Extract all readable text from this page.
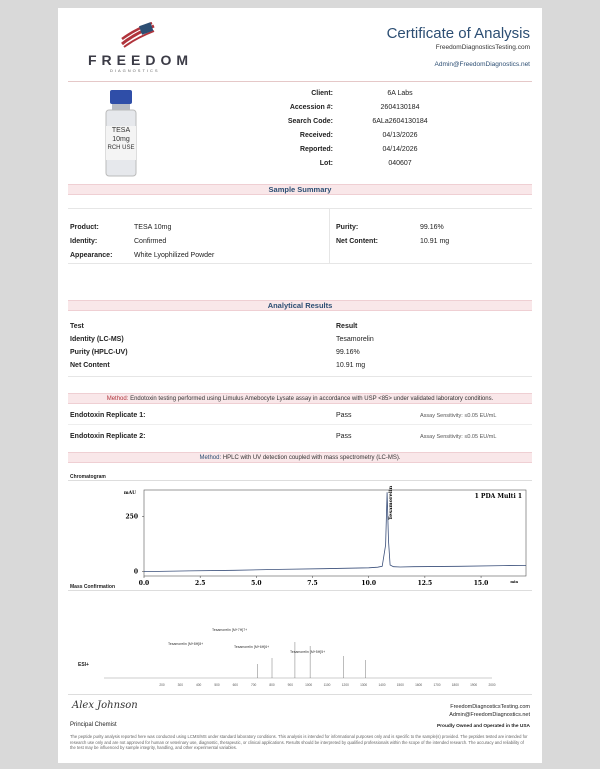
FREEDOM
DIAGNOSTICS
Certificate of Analysis
FreedomDiagnosticsTesting.com
Admin@FreedomDiagnostics.net
TESA
10mg
RCH USE
Client:	6A Labs
Accession #:	2604130184
Search Code:	6ALa2604130184
Received:	04/13/2026
Reported:	04/14/2026
Lot:	040607
Sample Summary
Product:	TESA 10mg
Identity:	Confirmed
Appearance:	White Lyophilized Powder
Purity:	99.16%
Net Content:	10.91 mg
Analytical Results
Test	Result
Identity (LC-MS)	Tesamorelin
Purity (HPLC-UV)	99.16%
Net Content	10.91 mg
Method: Endotoxin testing performed using Limulus Amebocyte Lysate assay in accordance with USP <85> under validated laboratory conditions.
Endotoxin Replicate 1:	Pass	Assay Sensitivity: ≤0.05 EU/mL
Endotoxin Replicate 2:	Pass	Assay Sensitivity: ≤0.05 EU/mL
Method: HPLC with UV detection coupled with mass spectrometry (LC-MS).
Chromatogram
0.0	2.5	5.0	7.5	10.0	12.5	15.0
0
250
mAU
min
1 PDA Multi 1
Tesamorelin
Mass Confirmation
200	300	400	500	600	700	800	900	1000	1100	1200	1300	1400	1500	1600	1700	1800	1900	2000
ESI+
Tesamorelin [M+7H]7+
Tesamorelin [M+8H]8+
Tesamorelin [M+6H]6+
Tesamorelin [M+5H]5+
Alex Johnson
Principal Chemist
FreedomDiagnosticsTesting.com
Admin@FreedomDiagnostics.net
Proudly Owned and Operated in the USA
The peptide purity analysis reported here was conducted using LCMS/MS under standard laboratory conditions. This analysis is intended for informational purposes only and is specific to the sample(s) provided. The peptides tested are intended for research use only and are not approved for human or veterinary use, diagnostic, therapeutic, or clinical applications. Results should be interpreted by qualified professionals within the scope of the intended research. The accuracy and reliability of the test may be influenced by sample integrity, handling, and other experimental variables.
